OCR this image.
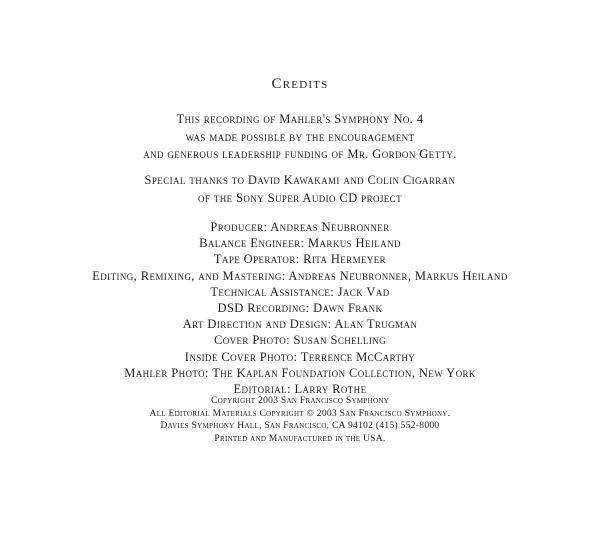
Credits
This recording of Mahler's Symphony No. 4
was made possible by the encouragement
and generous leadership funding of Mr. Gordon Getty.
Special thanks to David Kawakami and Colin Cigarran
of the Sony Super Audio CD project
Producer: Andreas Neubronner
Balance Engineer: Markus Heiland
Tape Operator: Rita Hermeyer
Editing, Remixing, and Mastering: Andreas Neubronner, Markus Heiland
Technical Assistance: Jack Vad
DSD Recording: Dawn Frank
Art Direction and Design: Alan Trugman
Cover Photo: Susan Schelling
Inside Cover Photo: Terrence McCarthy
Mahler Photo: The Kaplan Foundation Collection, New York
Editorial: Larry Rothe
Copyright 2003 San Francisco Symphony
All Editorial Materials Copyright © 2003 San Francisco Symphony.
Davies Symphony Hall, San Francisco, CA 94102 (415) 552-8000
Printed and Manufactured in the USA.
